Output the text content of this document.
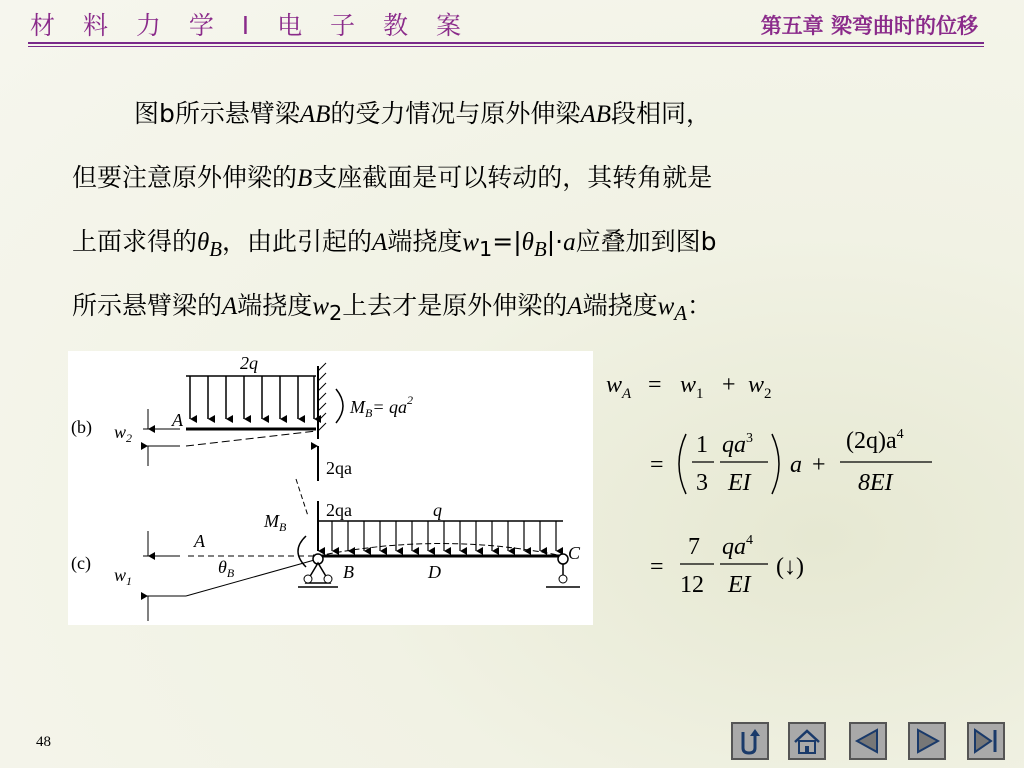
材 料 力 学 Ⅰ 电 子 教 案	第五章 梁弯曲时的位移
图b所示悬臂梁AB的受力情况与原外伸梁AB段相同，
但要注意原外伸梁的B支座截面是可以转动的，其转角就是
上面求得的$\theta_B$，由此引起的A端挠度$w_1=|\theta_B|\cdot a$应叠加到图b
所示悬臂梁的A端挠度$w_2$上去才是原外伸梁的A端挠度$w_A$：
(b)
2q
A
$M_B= qa^2$
$w_2$
2qa
(c)
2qa
$M_B$
q
A
$\theta_B$	B	D
C
$w_1$
$w_A = w_1 + w_2$
=
1
3
$qa^3$
EI
a +
$(2q)a^4$
8EI
=
7
12
$qa^4$
EI
(↓)
48
